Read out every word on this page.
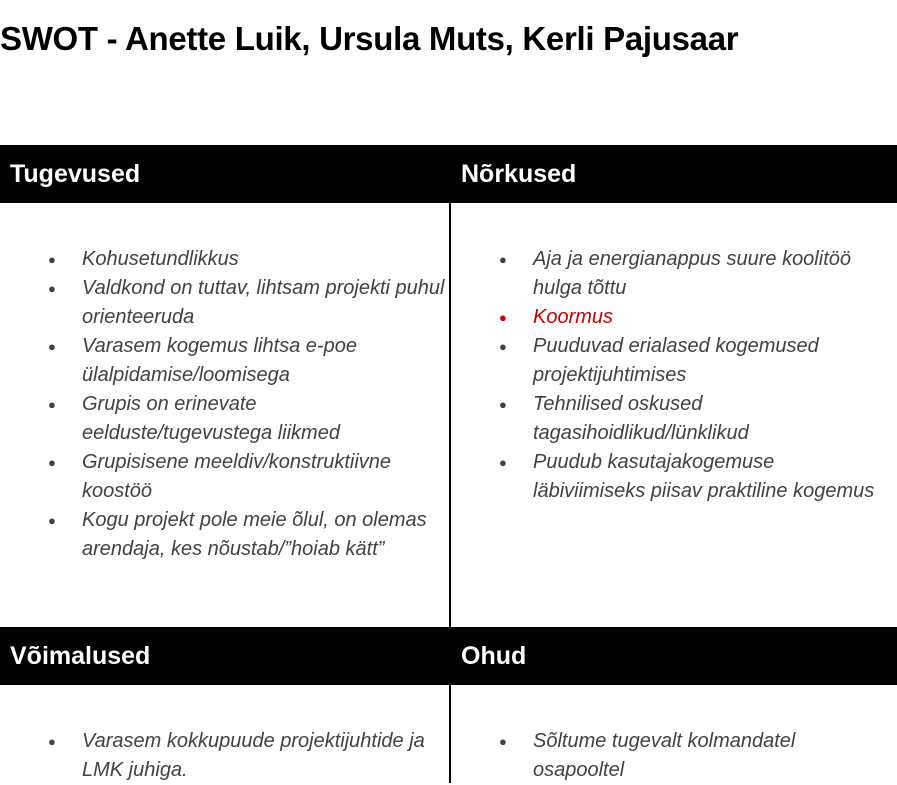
SWOT - Anette Luik, Ursula Muts, Kerli Pajusaar
Tugevused	Nõrkused
● Kohusetundlikkus
● Valdkond on tuttav, lihtsam projekti puhul orienteeruda
● Varasem kogemus lihtsa e-poe ülalpidamise/loomisega
● Grupis on erinevate eelduste/tugevustega liikmed
● Grupisisene meeldiv/konstruktiivne koostöö
● Kogu projekt pole meie õlul, on olemas arendaja, kes nõustab/”hoiab kätt”
● Aja ja energianappus suure koolitöö hulga tõttu
● Koormus
● Puuduvad erialased kogemused projektijuhtimises
● Tehnilised oskused tagasihoidlikud/lünklikud
● Puudub kasutajakogemuse läbiviimiseks piisav praktiline kogemus
Võimalused	Ohud
● Varasem kokkupuude projektijuhtide ja LMK juhiga.
● Sõltume tugevalt kolmandatel osapooltel
